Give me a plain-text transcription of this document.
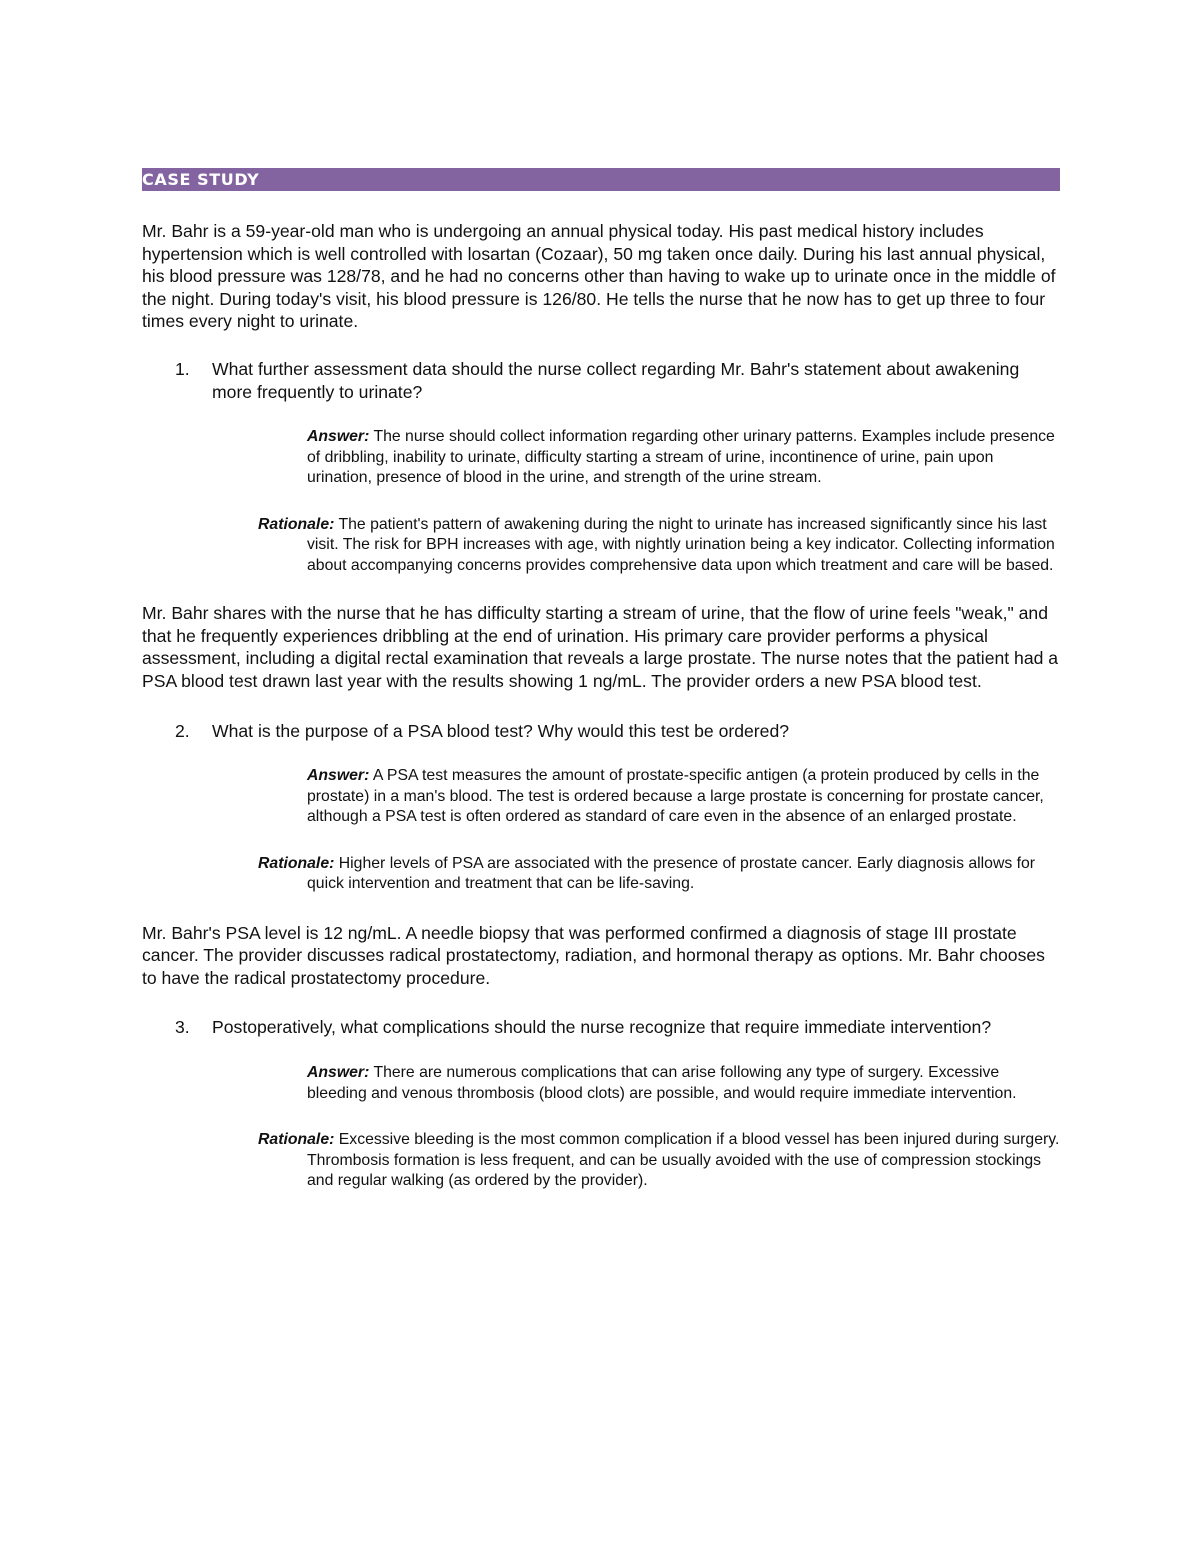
CASE STUDY

Mr. Bahr is a 59-year-old man who is undergoing an annual physical today. His past medical history includes hypertension which is well controlled with losartan (Cozaar), 50 mg taken once daily. During his last annual physical, his blood pressure was 128/78, and he had no concerns other than having to wake up to urinate once in the middle of the night. During today's visit, his blood pressure is 126/80. He tells the nurse that he now has to get up three to four times every night to urinate.

1. What further assessment data should the nurse collect regarding Mr. Bahr's statement about awakening more frequently to urinate?
Answer: The nurse should collect information regarding other urinary patterns. Examples include presence of dribbling, inability to urinate, difficulty starting a stream of urine, incontinence of urine, pain upon urination, presence of blood in the urine, and strength of the urine stream.
Rationale: The patient's pattern of awakening during the night to urinate has increased significantly since his last visit. The risk for BPH increases with age, with nightly urination being a key indicator. Collecting information about accompanying concerns provides comprehensive data upon which treatment and care will be based.

Mr. Bahr shares with the nurse that he has difficulty starting a stream of urine, that the flow of urine feels "weak," and that he frequently experiences dribbling at the end of urination. His primary care provider performs a physical assessment, including a digital rectal examination that reveals a large prostate. The nurse notes that the patient had a PSA blood test drawn last year with the results showing 1 ng/mL. The provider orders a new PSA blood test.

2. What is the purpose of a PSA blood test? Why would this test be ordered?
Answer: A PSA test measures the amount of prostate-specific antigen (a protein produced by cells in the prostate) in a man's blood. The test is ordered because a large prostate is concerning for prostate cancer, although a PSA test is often ordered as standard of care even in the absence of an enlarged prostate.
Rationale: Higher levels of PSA are associated with the presence of prostate cancer. Early diagnosis allows for quick intervention and treatment that can be life-saving.

Mr. Bahr's PSA level is 12 ng/mL. A needle biopsy that was performed confirmed a diagnosis of stage III prostate cancer. The provider discusses radical prostatectomy, radiation, and hormonal therapy as options. Mr. Bahr chooses to have the radical prostatectomy procedure.

3. Postoperatively, what complications should the nurse recognize that require immediate intervention?
Answer: There are numerous complications that can arise following any type of surgery. Excessive bleeding and venous thrombosis (blood clots) are possible, and would require immediate intervention.
Rationale: Excessive bleeding is the most common complication if a blood vessel has been injured during surgery. Thrombosis formation is less frequent, and can be usually avoided with the use of compression stockings and regular walking (as ordered by the provider).
